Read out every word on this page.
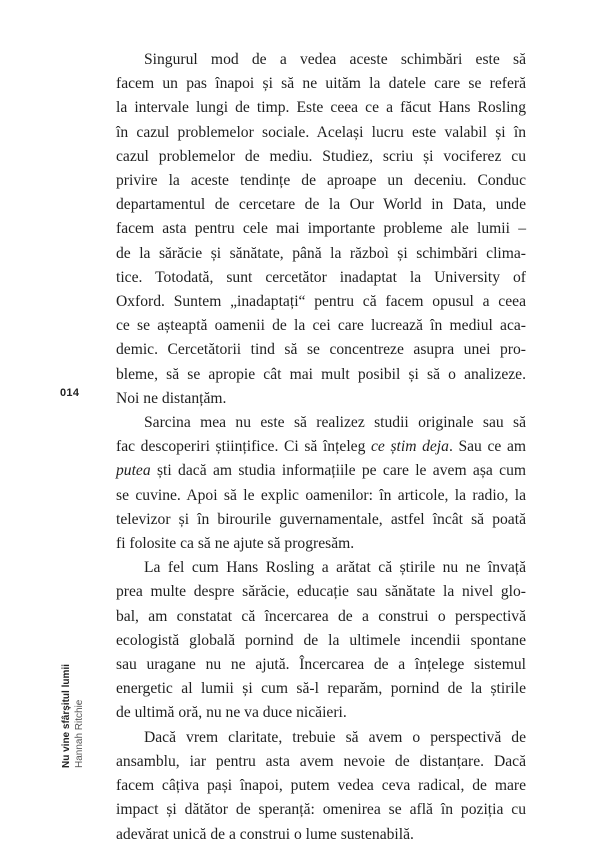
Singurul mod de a vedea aceste schimbări este să
facem un pas înapoi și să ne uităm la datele care se referă
la intervale lungi de timp. Este ceea ce a făcut Hans Rosling
în cazul problemelor sociale. Același lucru este valabil și în
cazul problemelor de mediu. Studiez, scriu și vociferez cu
privire la aceste tendințe de aproape un deceniu. Conduc
departamentul de cercetare de la Our World in Data, unde
facem asta pentru cele mai importante probleme ale lumii –
de la sărăcie și sănătate, până la războì și schimbări clima-
tice. Totodată, sunt cercetător inadaptat la University of
Oxford. Suntem „inadaptați“ pentru că facem opusul a ceea
ce se așteaptă oamenii de la cei care lucrează în mediul aca-
demic. Cercetătorii tind să se concentreze asupra unei pro-
bleme, să se apropie cât mai mult posibil și să o analizeze.
Noi ne distanțăm.
Sarcina mea nu este să realizez studii originale sau să
fac descoperiri științifice. Ci să înțeleg ce știm deja. Sau ce am
putea ști dacă am studia informațiile pe care le avem așa cum
se cuvine. Apoi să le explic oamenilor: în articole, la radio, la
televizor și în birourile guvernamentale, astfel încât să poată
fi folosite ca să ne ajute să progresăm.
La fel cum Hans Rosling a arătat că știrile nu ne învață
prea multe despre sărăcie, educație sau sănătate la nivel glo-
bal, am constatat că încercarea de a construi o perspectivă
ecologistă globală pornind de la ultimele incendii spontane
sau uragane nu ne ajută. Încercarea de a înțelege sistemul
energetic al lumii și cum să-l reparăm, pornind de la știrile
de ultimă oră, nu ne va duce nicăieri.
Dacă vrem claritate, trebuie să avem o perspectivă de
ansamblu, iar pentru asta avem nevoie de distanțare. Dacă
facem câțiva pași înapoi, putem vedea ceva radical, de mare
impact și dătător de speranță: omenirea se află în poziția cu
adevărat unică de a construi o lume sustenabilă.
014
Nu vine sfârșitul lumii Hannah Ritchie
